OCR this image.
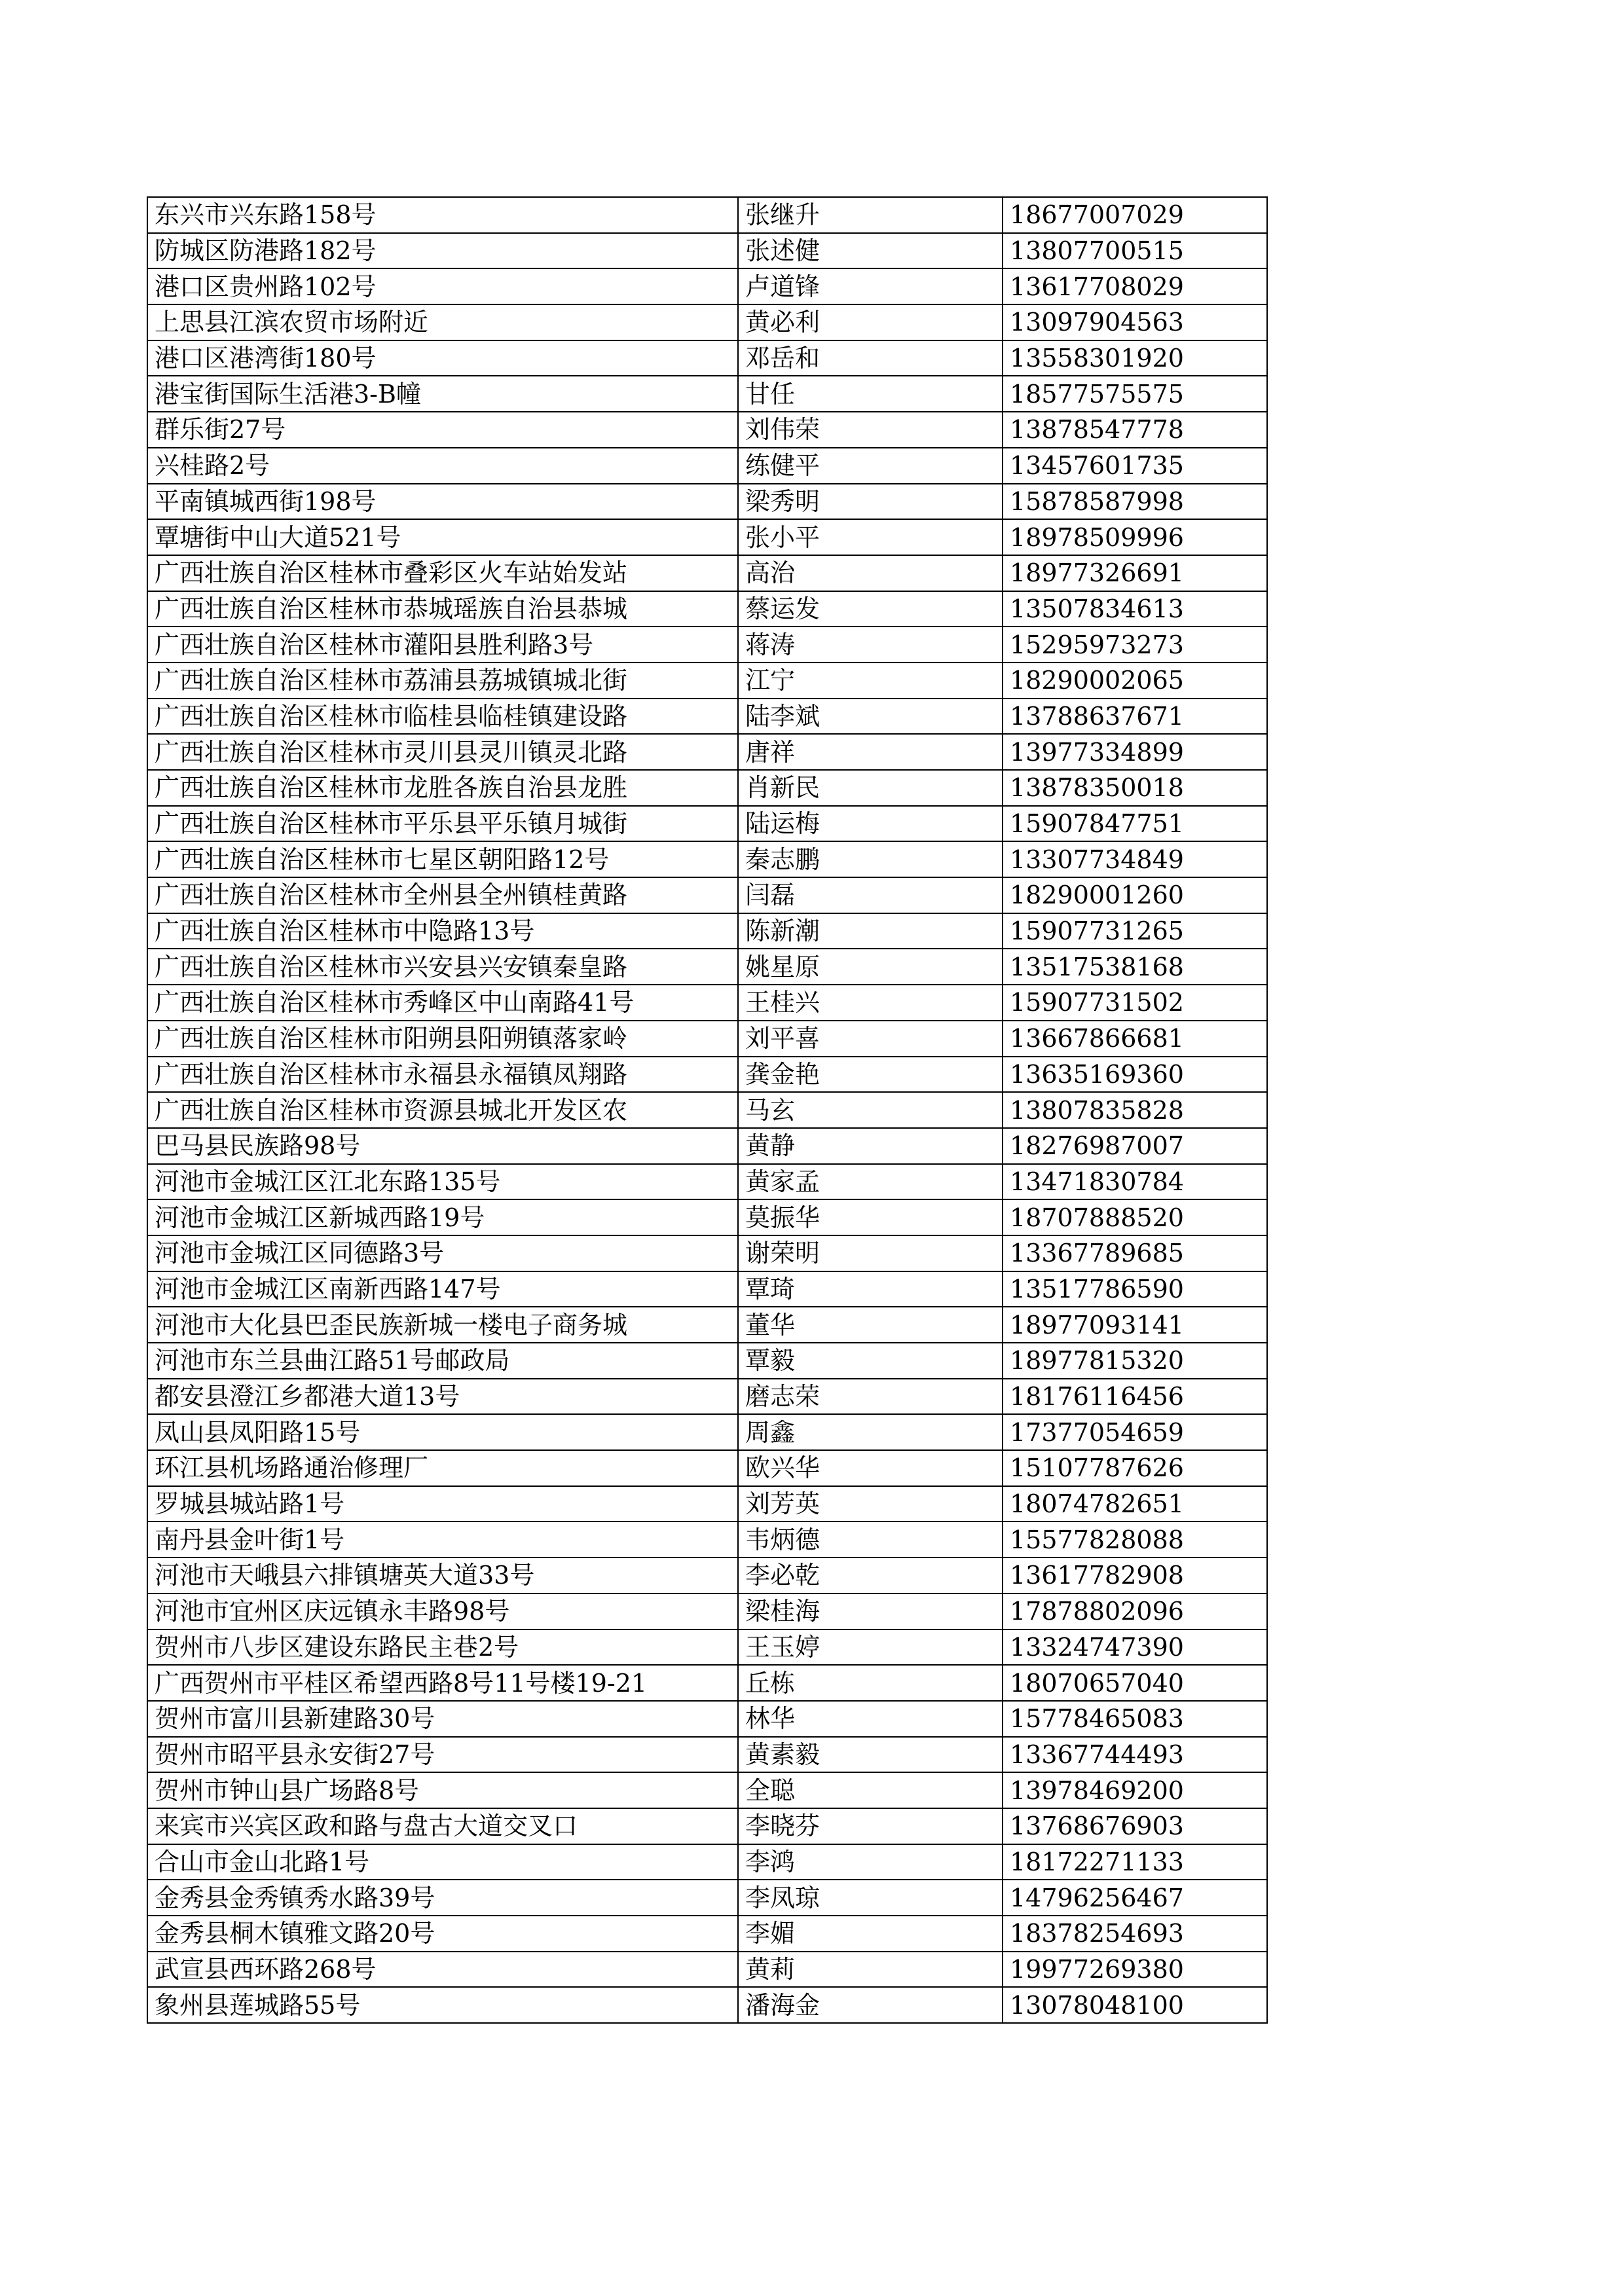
东兴市兴东路158号	张继升	18677007029
防城区防港路182号	张述健	13807700515
港口区贵州路102号	卢道锋	13617708029
上思县江滨农贸市场附近	黄必利	13097904563
港口区港湾街180号	邓岳和	13558301920
港宝街国际生活港3-B幢	甘任	18577575575
群乐街27号	刘伟荣	13878547778
兴桂路2号	练健平	13457601735
平南镇城西街198号	梁秀明	15878587998
覃塘街中山大道521号	张小平	18978509996
广西壮族自治区桂林市叠彩区火车站始发站	高治	18977326691
广西壮族自治区桂林市恭城瑶族自治县恭城	蔡运发	13507834613
广西壮族自治区桂林市灌阳县胜利路3号	蒋涛	15295973273
广西壮族自治区桂林市荔浦县荔城镇城北街	江宁	18290002065
广西壮族自治区桂林市临桂县临桂镇建设路	陆李斌	13788637671
广西壮族自治区桂林市灵川县灵川镇灵北路	唐祥	13977334899
广西壮族自治区桂林市龙胜各族自治县龙胜	肖新民	13878350018
广西壮族自治区桂林市平乐县平乐镇月城街	陆运梅	15907847751
广西壮族自治区桂林市七星区朝阳路12号	秦志鹏	13307734849
广西壮族自治区桂林市全州县全州镇桂黄路	闫磊	18290001260
广西壮族自治区桂林市中隐路13号	陈新潮	15907731265
广西壮族自治区桂林市兴安县兴安镇秦皇路	姚星原	13517538168
广西壮族自治区桂林市秀峰区中山南路41号	王桂兴	15907731502
广西壮族自治区桂林市阳朔县阳朔镇落家岭	刘平喜	13667866681
广西壮族自治区桂林市永福县永福镇凤翔路	龚金艳	13635169360
广西壮族自治区桂林市资源县城北开发区农	马玄	13807835828
巴马县民族路98号	黄静	18276987007
河池市金城江区江北东路135号	黄家孟	13471830784
河池市金城江区新城西路19号	莫振华	18707888520
河池市金城江区同德路3号	谢荣明	13367789685
河池市金城江区南新西路147号	覃琦	13517786590
河池市大化县巴歪民族新城一楼电子商务城	董华	18977093141
河池市东兰县曲江路51号邮政局	覃毅	18977815320
都安县澄江乡都港大道13号	磨志荣	18176116456
凤山县凤阳路15号	周鑫	17377054659
环江县机场路通治修理厂	欧兴华	15107787626
罗城县城站路1号	刘芳英	18074782651
南丹县金叶街1号	韦炳德	15577828088
河池市天峨县六排镇塘英大道33号	李必乾	13617782908
河池市宜州区庆远镇永丰路98号	梁桂海	17878802096
贺州市八步区建设东路民主巷2号	王玉婷	13324747390
广西贺州市平桂区希望西路8号11号楼19-21	丘栋	18070657040
贺州市富川县新建路30号	林华	15778465083
贺州市昭平县永安街27号	黄素毅	13367744493
贺州市钟山县广场路8号	全聪	13978469200
来宾市兴宾区政和路与盘古大道交叉口	李晓芬	13768676903
合山市金山北路1号	李鸿	18172271133
金秀县金秀镇秀水路39号	李凤琼	14796256467
金秀县桐木镇雅文路20号	李媚	18378254693
武宣县西环路268号	黄莉	19977269380
象州县莲城路55号	潘海金	13078048100
